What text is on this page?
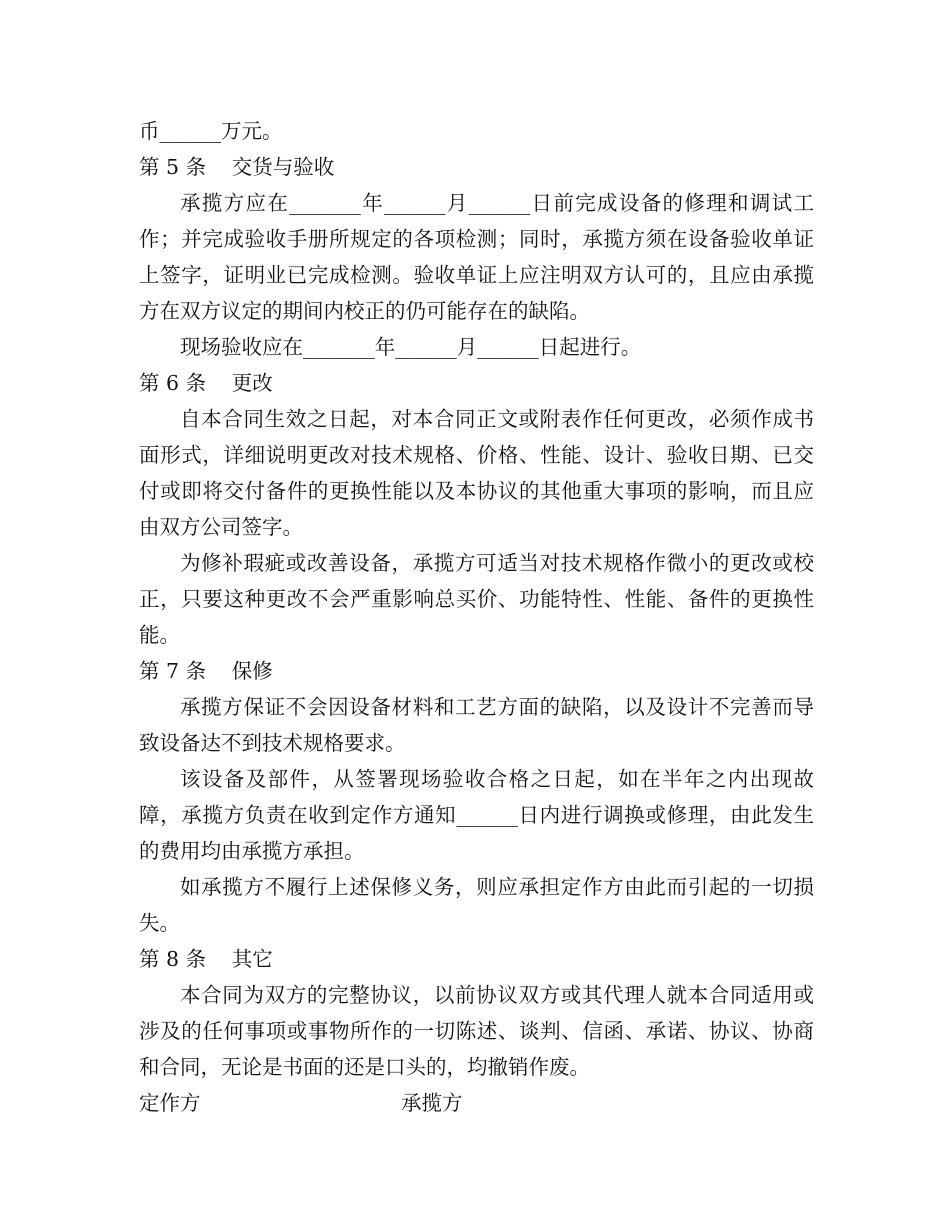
币______万元。

第 5 条 交货与验收

承揽方应在_______年______月______日前完成设备的修理和调试工作；并完成验收手册所规定的各项检测；同时，承揽方须在设备验收单证上签字，证明业已完成检测。验收单证上应注明双方认可的，且应由承揽方在双方议定的期间内校正的仍可能存在的缺陷。

现场验收应在_______年______月______日起进行。

第 6 条 更改

自本合同生效之日起，对本合同正文或附表作任何更改，必须作成书面形式，详细说明更改对技术规格、价格、性能、设计、验收日期、已交付或即将交付备件的更换性能以及本协议的其他重大事项的影响，而且应由双方公司签字。

为修补瑕疵或改善设备，承揽方可适当对技术规格作微小的更改或校正，只要这种更改不会严重影响总买价、功能特性、性能、备件的更换性能。

第 7 条 保修

承揽方保证不会因设备材料和工艺方面的缺陷，以及设计不完善而导致设备达不到技术规格要求。

该设备及部件，从签署现场验收合格之日起，如在半年之内出现故障，承揽方负责在收到定作方通知______日内进行调换或修理，由此发生的费用均由承揽方承担。

如承揽方不履行上述保修义务，则应承担定作方由此而引起的一切损失。

第 8 条 其它

本合同为双方的完整协议，以前协议双方或其代理人就本合同适用或涉及的任何事项或事物所作的一切陈述、谈判、信函、承诺、协议、协商和合同，无论是书面的还是口头的，均撤销作废。

定作方	承揽方
